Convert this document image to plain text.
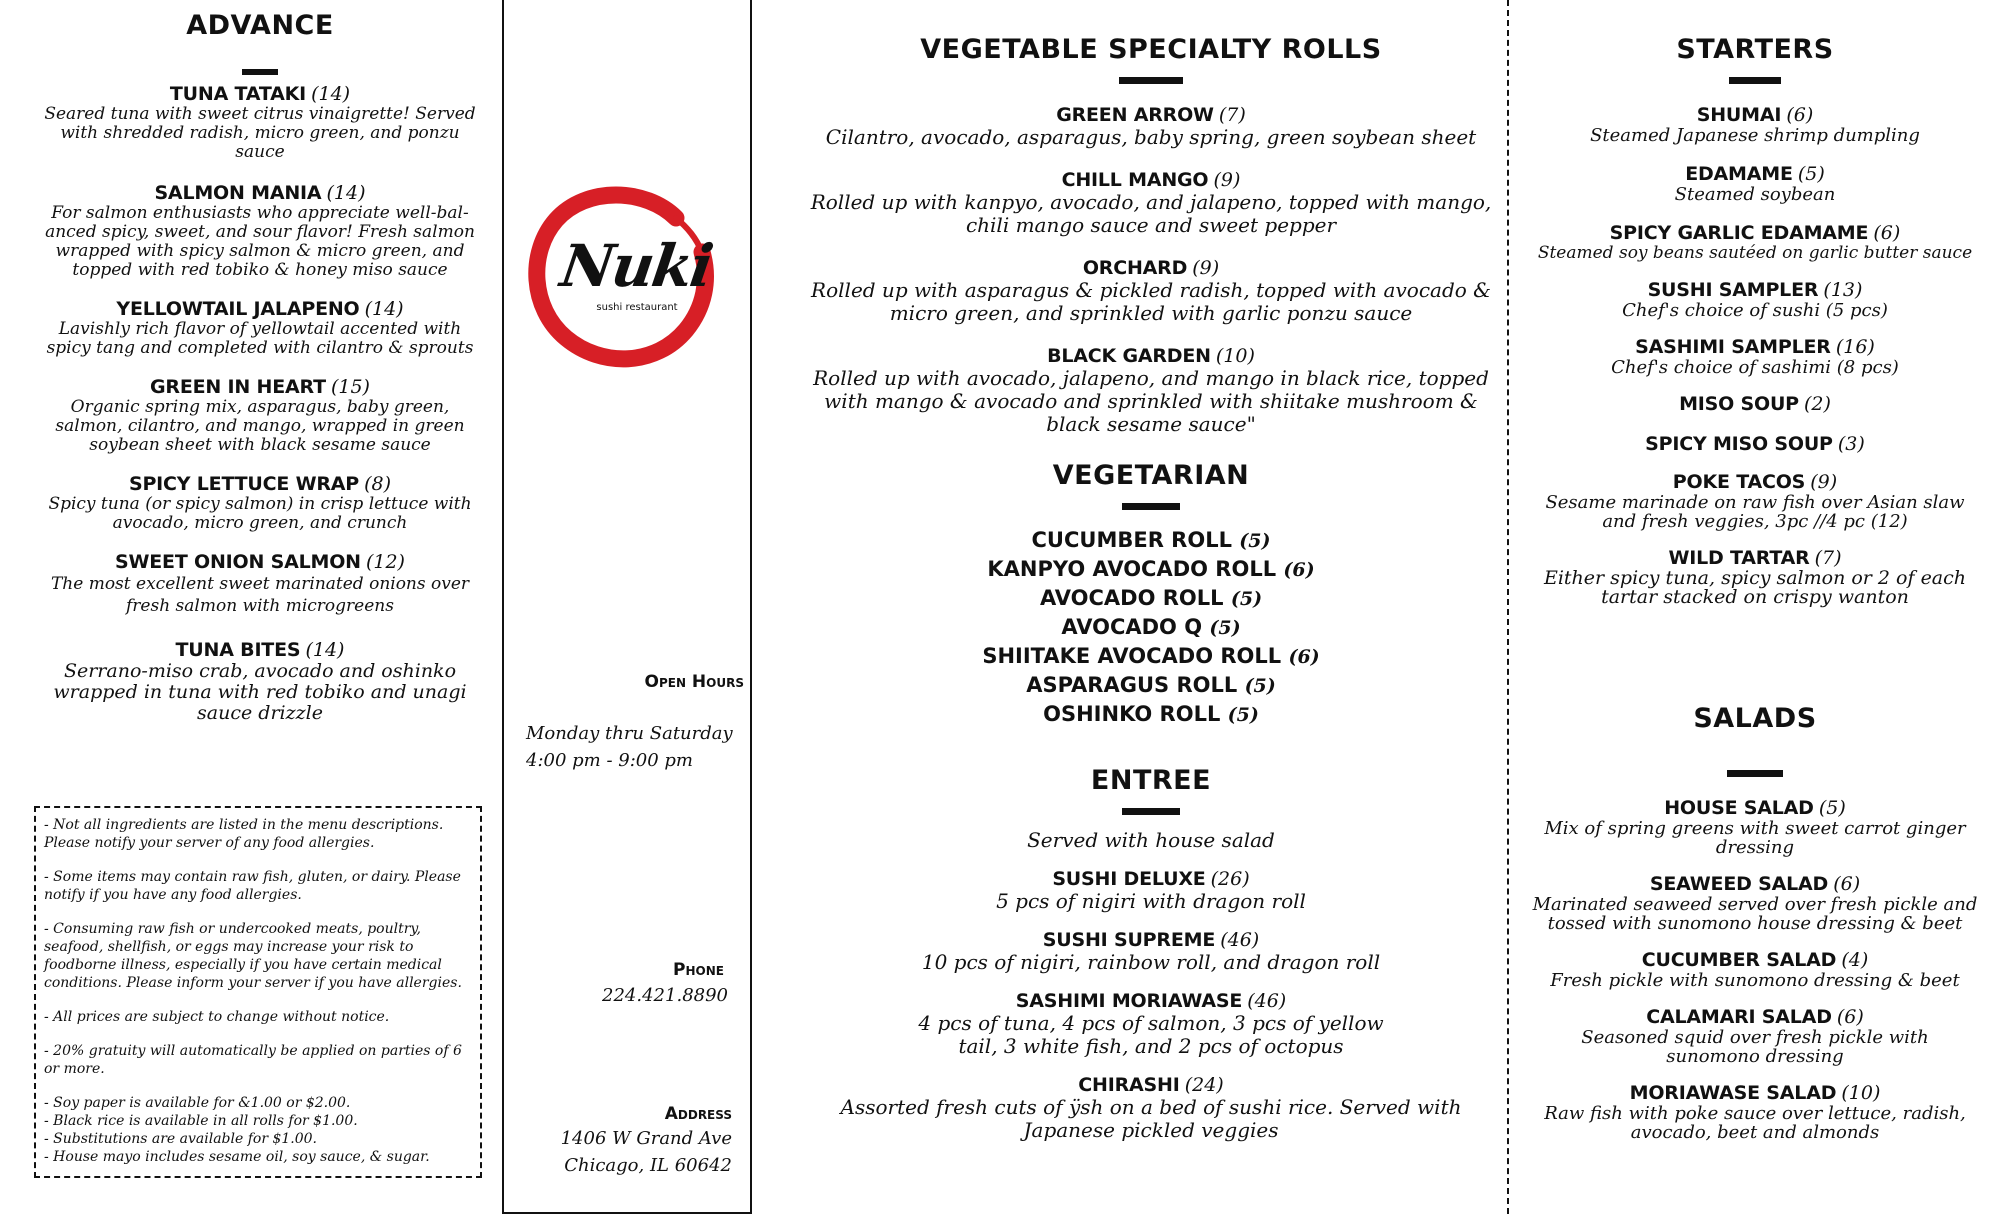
ADVANCE
TUNA TATAKI (14)
Seared tuna with sweet citrus vinaigrette! Served with shredded radish, micro green, and ponzu sauce
SALMON MANIA (14)
For salmon enthusiasts who appreciate well-bal-anced spicy, sweet, and sour flavor! Fresh salmon wrapped with spicy salmon & micro green, and topped with red tobiko & honey miso sauce
YELLOWTAIL JALAPENO (14)
Lavishly rich flavor of yellowtail accented with spicy tang and completed with cilantro & sprouts
GREEN IN HEART (15)
Organic spring mix, asparagus, baby green, salmon, cilantro, and mango, wrapped in green soybean sheet with black sesame sauce
SPICY LETTUCE WRAP (8)
Spicy tuna (or spicy salmon) in crisp lettuce with avocado, micro green, and crunch
SWEET ONION SALMON (12)
The most excellent sweet marinated onions over fresh salmon with microgreens
TUNA BITES (14)
Serrano-miso crab, avocado and oshinko wrapped in tuna with red tobiko and unagi sauce drizzle
- Not all ingredients are listed in the menu descriptions. Please notify your server of any food allergies.
- Some items may contain raw fish, gluten, or dairy. Please notify if you have any food allergies.
- Consuming raw fish or undercooked meats, poultry, seafood, shellfish, or eggs may increase your risk to foodborne illness, especially if you have certain medical conditions. Please inform your server if you have allergies.
- All prices are subject to change without notice.
- 20% gratuity will automatically be applied on parties of 6 or more.
- Soy paper is available for &1.00 or $2.00.
- Black rice is available in all rolls for $1.00.
- Substitutions are available for $1.00.
- House mayo includes sesame oil, soy sauce, & sugar.
Nuki
sushi restaurant
Open Hours
Monday thru Saturday
4:00 pm - 9:00 pm
Phone
224.421.8890
Address
1406 W Grand Ave
Chicago, IL 60642
VEGETABLE SPECIALTY ROLLS
GREEN ARROW (7)
Cilantro, avocado, asparagus, baby spring, green soybean sheet
CHILL MANGO (9)
Rolled up with kanpyo, avocado, and jalapeno, topped with mango, chili mango sauce and sweet pepper
ORCHARD (9)
Rolled up with asparagus & pickled radish, topped with avocado & micro green, and sprinkled with garlic ponzu sauce
BLACK GARDEN (10)
Rolled up with avocado, jalapeno, and mango in black rice, topped with mango & avocado and sprinkled with shiitake mushroom & black sesame sauce"
VEGETARIAN
CUCUMBER ROLL (5)
KANPYO AVOCADO ROLL (6)
AVOCADO ROLL (5)
AVOCADO Q (5)
SHIITAKE AVOCADO ROLL (6)
ASPARAGUS ROLL (5)
OSHINKO ROLL (5)
ENTREE
Served with house salad
SUSHI DELUXE (26)
5 pcs of nigiri with dragon roll
SUSHI SUPREME (46)
10 pcs of nigiri, rainbow roll, and dragon roll
SASHIMI MORIAWASE (46)
4 pcs of tuna, 4 pcs of salmon, 3 pcs of yellow tail, 3 white fish, and 2 pcs of octopus
CHIRASHI (24)
Assorted fresh cuts of ÿsh on a bed of sushi rice. Served with Japanese pickled veggies
STARTERS
SHUMAI (6)
Steamed Japanese shrimp dumpling
EDAMAME (5)
Steamed soybean
SPICY GARLIC EDAMAME (6)
Steamed soy beans sautéed on garlic butter sauce
SUSHI SAMPLER (13)
Chef's choice of sushi (5 pcs)
SASHIMI SAMPLER (16)
Chef's choice of sashimi (8 pcs)
MISO SOUP (2)
SPICY MISO SOUP (3)
POKE TACOS (9)
Sesame marinade on raw fish over Asian slaw and fresh veggies, 3pc //4 pc (12)
WILD TARTAR (7)
Either spicy tuna, spicy salmon or 2 of each tartar stacked on crispy wanton
SALADS
HOUSE SALAD (5)
Mix of spring greens with sweet carrot ginger dressing
SEAWEED SALAD (6)
Marinated seaweed served over fresh pickle and tossed with sunomono house dressing & beet
CUCUMBER SALAD (4)
Fresh pickle with sunomono dressing & beet
CALAMARI SALAD (6)
Seasoned squid over fresh pickle with sunomono dressing
MORIAWASE SALAD (10)
Raw fish with poke sauce over lettuce, radish, avocado, beet and almonds
